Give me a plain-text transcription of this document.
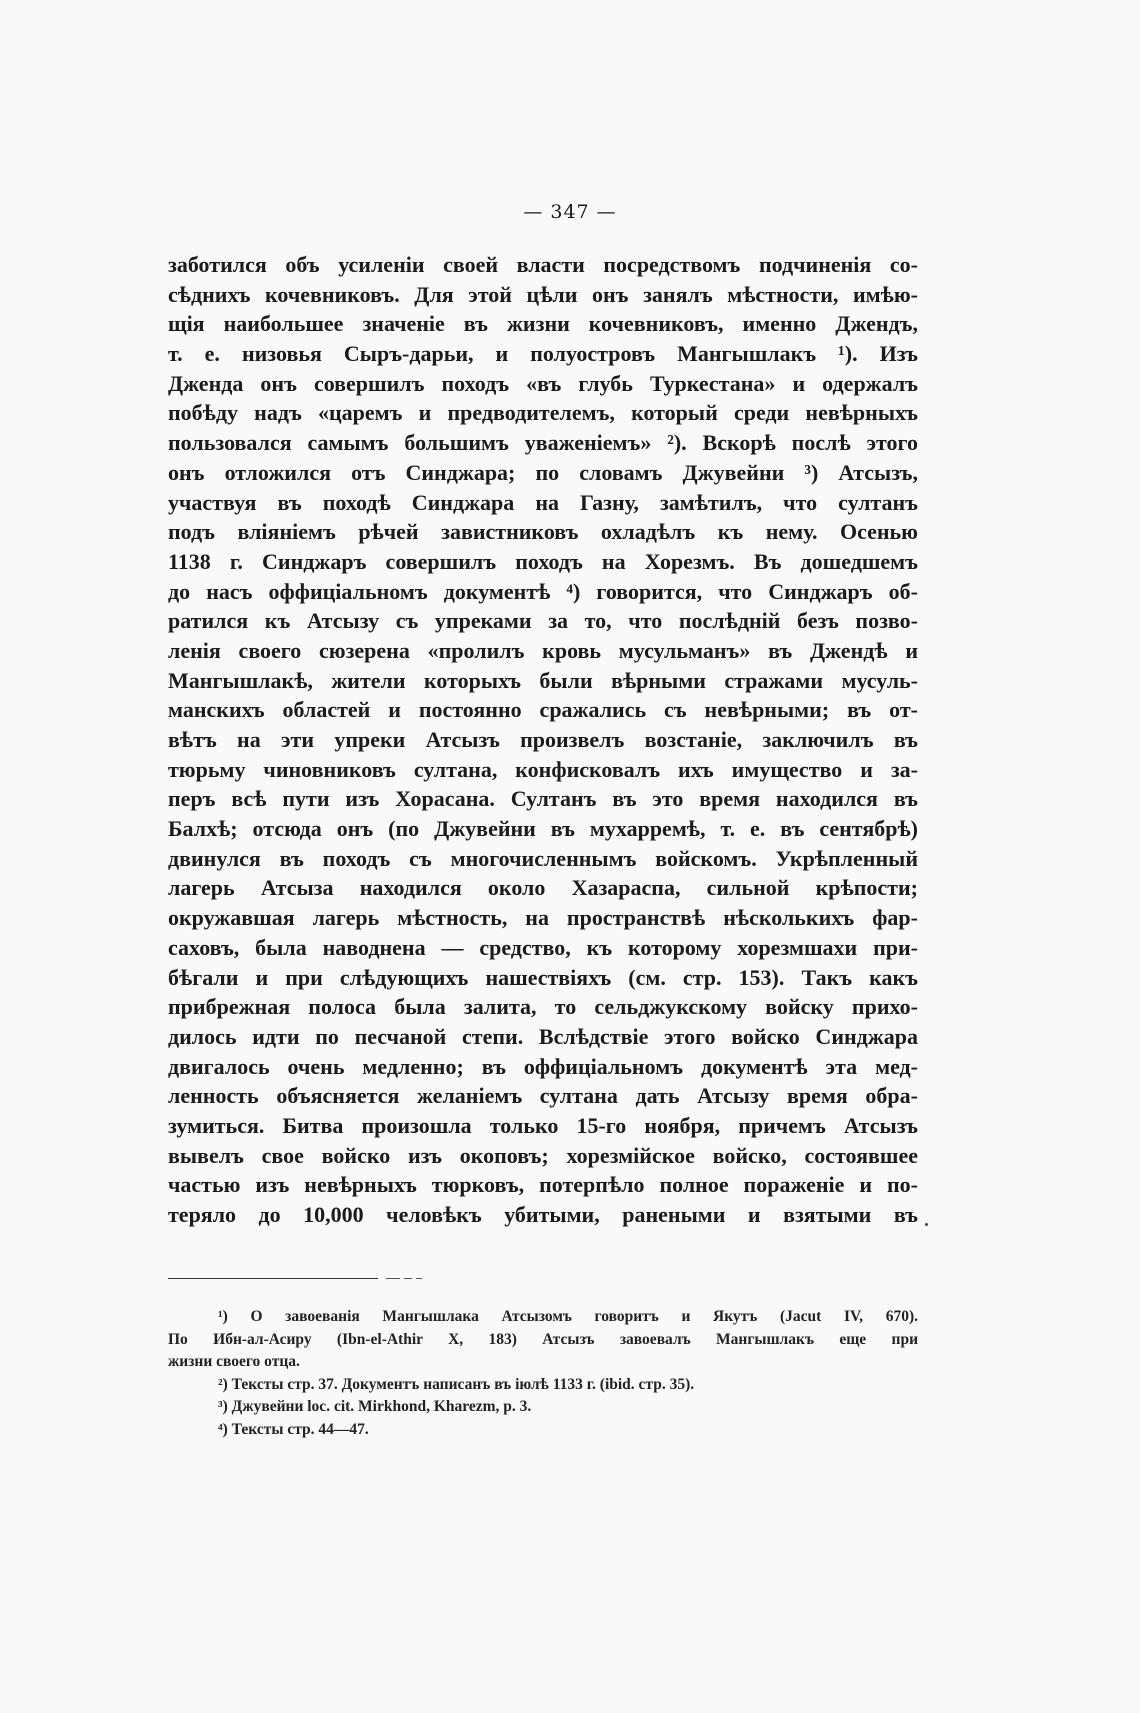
— 347 —
заботился объ усиленіи своей власти посредствомъ подчиненія со-
сѣднихъ кочевниковъ. Для этой цѣли онъ занялъ мѣстности, имѣю-
щія наибольшее значеніе въ жизни кочевниковъ, именно Джендъ,
т. е. низовья Сыръ-дарьи, и полуостровъ Мангышлакъ ¹). Изъ
Дженда онъ совершилъ походъ «въ глубь Туркестана» и одержалъ
побѣду надъ «царемъ и предводителемъ, который среди невѣрныхъ
пользовался самымъ большимъ уваженіемъ» ²). Вскорѣ послѣ этого
онъ отложился отъ Синджара; по словамъ Джувейни ³) Атсызъ,
участвуя въ походѣ Синджара на Газну, замѣтилъ, что султанъ
подъ вліяніемъ рѣчей завистниковъ охладѣлъ къ нему. Осенью
1138 г. Синджаръ совершилъ походъ на Хорезмъ. Въ дошедшемъ
до насъ оффиціальномъ документѣ ⁴) говорится, что Синджаръ об-
ратился къ Атсызу съ упреками за то, что послѣдній безъ позво-
ленія своего сюзерена «пролилъ кровь мусульманъ» въ Джендѣ и
Мангышлакѣ, жители которыхъ были вѣрными стражами мусуль-
манскихъ областей и постоянно сражались съ невѣрными; въ от-
вѣтъ на эти упреки Атсызъ произвелъ возстаніе, заключилъ въ
тюрьму чиновниковъ султана, конфисковалъ ихъ имущество и за-
перъ всѣ пути изъ Хорасана. Султанъ въ это время находился въ
Балхѣ; отсюда онъ (по Джувейни въ мухарремѣ, т. е. въ сентябрѣ)
двинулся въ походъ съ многочисленнымъ войскомъ. Укрѣпленный
лагерь Атсыза находился около Хазараспа, сильной крѣпости;
окружавшая лагерь мѣстность, на пространствѣ нѣсколькихъ фар-
саховъ, была наводнена — средство, къ которому хорезмшахи при-
бѣгали и при слѣдующихъ нашествіяхъ (см. стр. 153). Такъ какъ
прибрежная полоса была залита, то сельджукскому войску прихо-
дилось идти по песчаной степи. Вслѣдствіе этого войско Синджара
двигалось очень медленно; въ оффиціальномъ документѣ эта мед-
ленность объясняется желаніемъ султана дать Атсызу время обра-
зумиться. Битва произошла только 15-го ноября, причемъ Атсызъ
вывелъ свое войско изъ окоповъ; хорезмійское войско, состоявшее
частью изъ невѣрныхъ тюрковъ, потерпѣло полное пораженіе и по-
теряло до 10,000 человѣкъ убитыми, ранеными и взятыми въ
¹) О завоеванія Мангышлака Атсызомъ говоритъ и Якутъ (Jacut IV, 670).
По Ибн-ал-Асиру (Ibn-el-Athir X, 183) Атсызъ завоевалъ Мангышлакъ еще при
жизни своего отца.
²) Тексты стр. 37. Документъ написанъ въ іюлѣ 1133 г. (ibid. стр. 35).
³) Джувейни loc. cit. Mirkhond, Kharezm, p. 3.
⁴) Тексты стр. 44—47.
